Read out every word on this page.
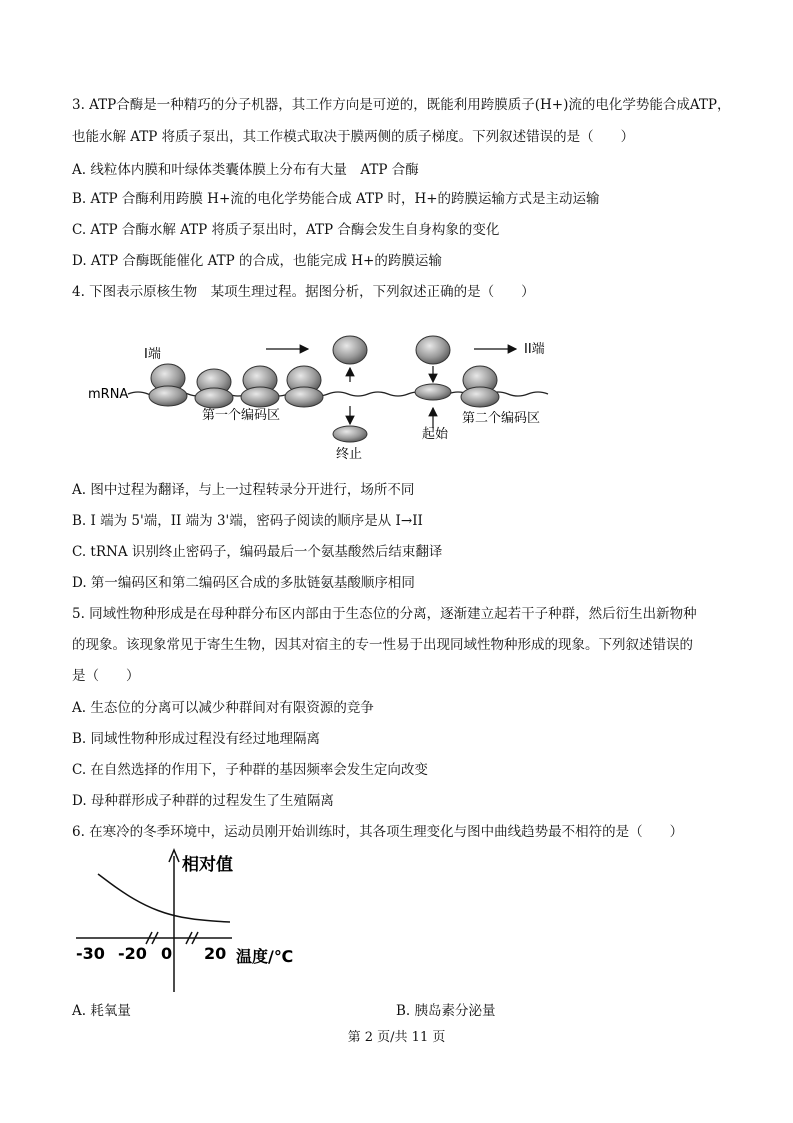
3. ATP合酶是一种精巧的分子机器，其工作方向是可逆的，既能利用跨膜质子(H+)流的电化学势能合成ATP，
也能水解 ATP 将质子泵出，其工作模式取决于膜两侧的质子梯度。下列叙述错误的是（　　）
A. 线粒体内膜和叶绿体类囊体膜上分布有大量　ATP 合酶
B. ATP 合酶利用跨膜 H+流的电化学势能合成 ATP 时，H+的跨膜运输方式是主动运输
C. ATP 合酶水解 ATP 将质子泵出时，ATP 合酶会发生自身构象的变化
D. ATP 合酶既能催化 ATP 的合成，也能完成 H+的跨膜运输
4. 下图表示原核生物　某项生理过程。据图分析，下列叙述正确的是（　　）
mRNA
I端
终止
第一个编码区
起始
第二个编码区
II端
A. 图中过程为翻译，与上一过程转录分开进行，场所不同
B. I 端为 5'端，II 端为 3'端，密码子阅读的顺序是从 I→II
C. tRNA 识别终止密码子，编码最后一个氨基酸然后结束翻译
D. 第一编码区和第二编码区合成的多肽链氨基酸顺序相同
5. 同域性物种形成是在母种群分布区内部由于生态位的分离，逐渐建立起若干子种群，然后衍生出新物种
的现象。该现象常见于寄生生物，因其对宿主的专一性易于出现同域性物种形成的现象。下列叙述错误的
是（　　）
A. 生态位的分离可以减少种群间对有限资源的竞争
B. 同域性物种形成过程没有经过地理隔离
C. 在自然选择的作用下，子种群的基因频率会发生定向改变
D. 母种群形成子种群的过程发生了生殖隔离
6. 在寒冷的冬季环境中，运动员刚开始训练时，其各项生理变化与图中曲线趋势最不相符的是（　　）
相对值
-30 -20 0 20 温度/℃
A. 耗氧量	B. 胰岛素分泌量
第 2 页/共 11 页
